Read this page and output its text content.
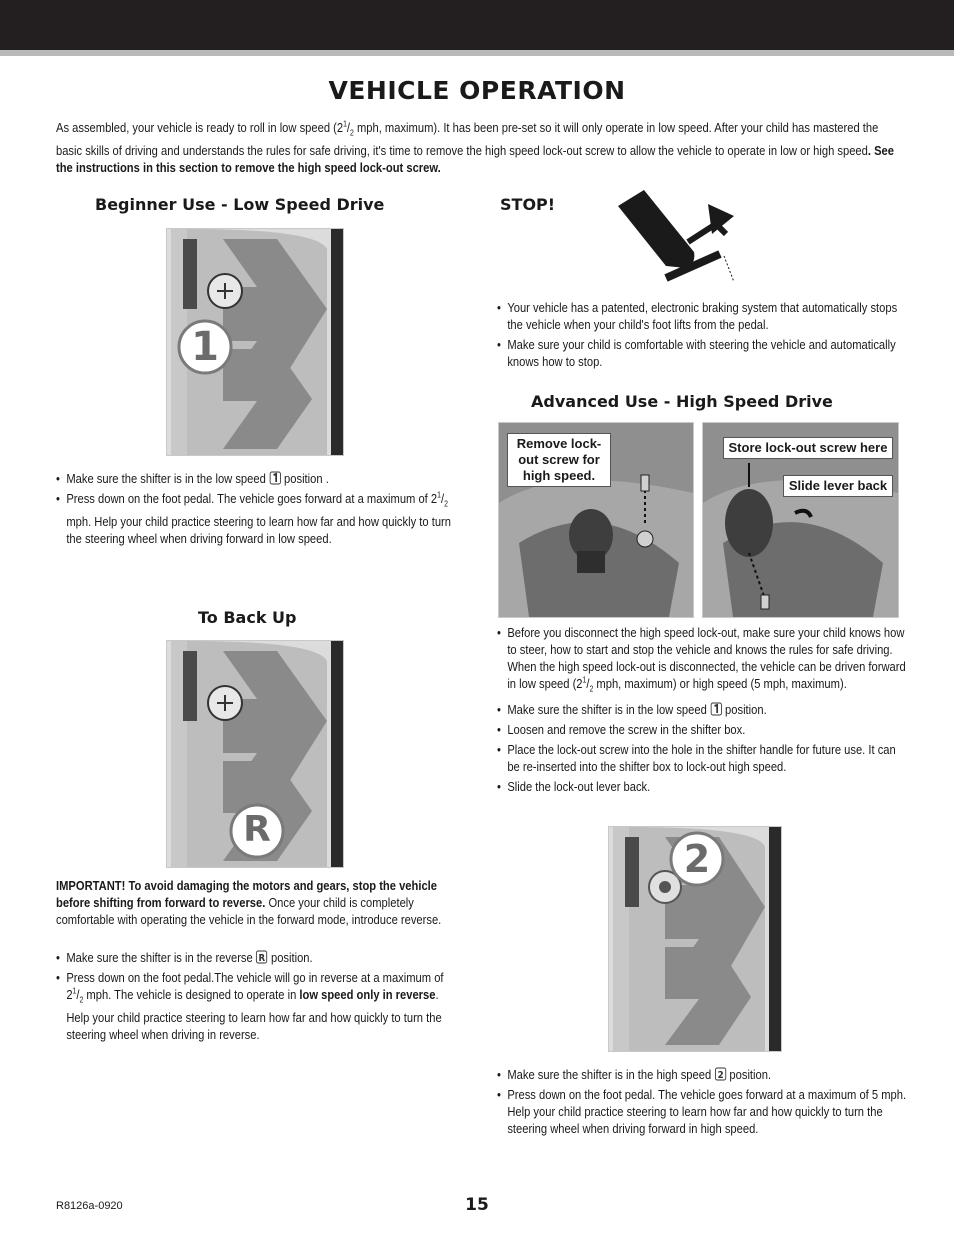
VEHICLE OPERATION
As assembled, your vehicle is ready to roll in low speed ($2^1/_2$ mph, maximum). It has been pre-set so it will only operate in low speed. After your child has mastered the basic skills of driving and understands the rules for safe driving, it's time to remove the high speed lock-out screw to allow the vehicle to operate in low or high speed. See the instructions in this section to remove the high speed lock-out screw.
Beginner Use - Low Speed Drive
1
• Make sure the shifter is in the low speed  position .
• Press down on the foot pedal. The vehicle goes forward at a maximum of $2^1/_2$ mph. Help your child practice steering to learn how far and how quickly to turn the steering wheel when driving forward in low speed.
To Back Up
R
IMPORTANT! To avoid damaging the motors and gears, stop the vehicle before shifting from forward to reverse. Once your child is completely comfortable with operating the vehicle in the forward mode, introduce reverse.
• Make sure the shifter is in the reverse R position.
• Press down on the foot pedal.The vehicle will go in reverse at a maximum of $2^1/_2$ mph. The vehicle is designed to operate in low speed only in reverse. Help your child practice steering to learn how far and how quickly to turn the steering wheel when driving in reverse.
STOP!
• Your vehicle has a patented, electronic braking system that automatically stops the vehicle when your child's foot lifts from the pedal.
• Make sure your child is comfortable with steering the vehicle and automatically knows how to stop.
Advanced Use - High Speed Drive
Remove lock-out screw for high speed.
Store lock-out screw here
Slide lever back
• Before you disconnect the high speed lock-out, make sure your child knows how to steer, how to start and stop the vehicle and knows the rules for safe driving. When the high speed lock-out is disconnected, the vehicle can be driven forward in low speed ($2^1/_2$ mph, maximum) or high speed (5 mph, maximum).
• Make sure the shifter is in the low speed  position.
• Loosen and remove the screw in the shifter box.
• Place the lock-out screw into the hole in the shifter handle for future use. It can be re-inserted into the shifter box to lock-out high speed.
• Slide the lock-out lever back.
2
• Make sure the shifter is in the high speed 2 position.
• Press down on the foot pedal. The vehicle goes forward at a maximum of 5 mph. Help your child practice steering to learn how far and how quickly to turn the steering wheel when driving forward in high speed.
15
R8126a-0920
